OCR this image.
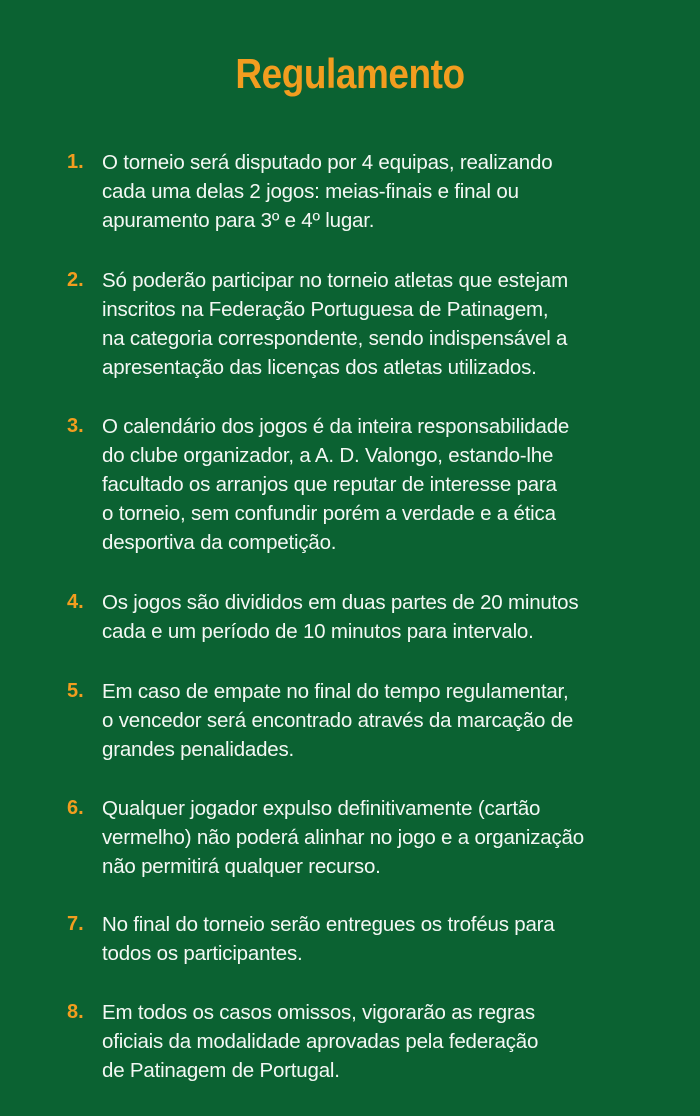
Regulamento
1. O torneio será disputado por 4 equipas, realizando
cada uma delas 2 jogos: meias-finais e final ou
apuramento para 3º e 4º lugar.
2. Só poderão participar no torneio atletas que estejam
inscritos na Federação Portuguesa de Patinagem,
na categoria correspondente, sendo indispensável a
apresentação das licenças dos atletas utilizados.
3. O calendário dos jogos é da inteira responsabilidade
do clube organizador, a A. D. Valongo, estando-lhe
facultado os arranjos que reputar de interesse para
o torneio, sem confundir porém a verdade e a ética
desportiva da competição.
4. Os jogos são divididos em duas partes de 20 minutos
cada e um período de 10 minutos para intervalo.
5. Em caso de empate no final do tempo regulamentar,
o vencedor será encontrado através da marcação de
grandes penalidades.
6. Qualquer jogador expulso definitivamente (cartão
vermelho) não poderá alinhar no jogo e a organização
não permitirá qualquer recurso.
7. No final do torneio serão entregues os troféus para
todos os participantes.
8. Em todos os casos omissos, vigorarão as regras
oficiais da modalidade aprovadas pela federação
de Patinagem de Portugal.
